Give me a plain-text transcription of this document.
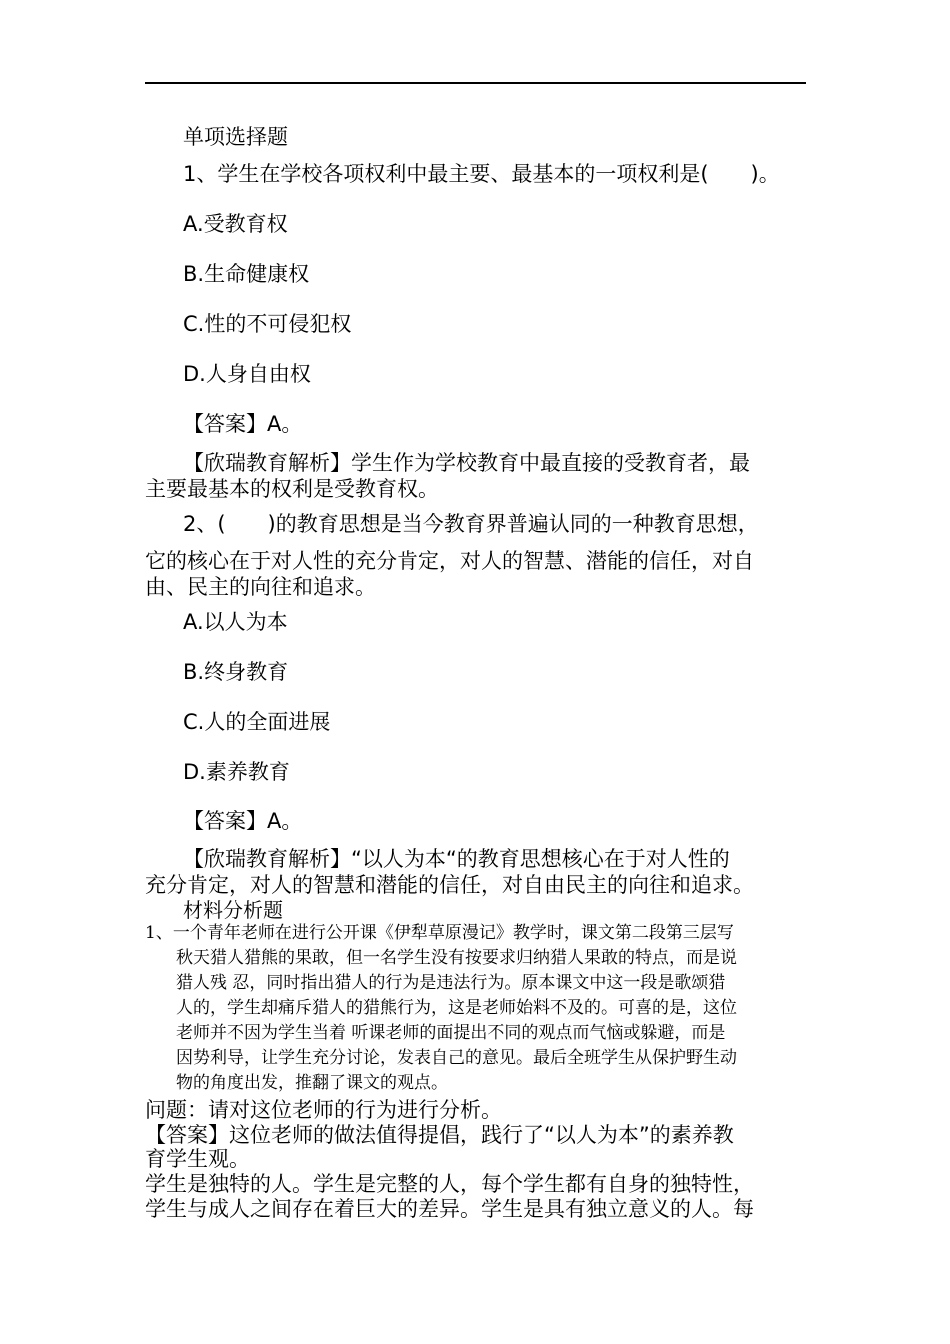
单项选择题
1、学生在学校各项权利中最主要、最基本的一项权利是(　　)。
A.受教育权
B.生命健康权
C.性的不可侵犯权
D.人身自由权
【答案】A。
【欣瑞教育解析】学生作为学校教育中最直接的受教育者，最
主要最基本的权利是受教育权。
2、(　　)的教育思想是当今教育界普遍认同的一种教育思想，
它的核心在于对人性的充分肯定，对人的智慧、潜能的信任，对自
由、民主的向往和追求。
A.以人为本
B.终身教育
C.人的全面进展
D.素养教育
【答案】A。
【欣瑞教育解析】“以人为本“的教育思想核心在于对人性的
充分肯定，对人的智慧和潜能的信任，对自由民主的向往和追求。
材料分析题
1、一个青年老师在进行公开课《伊犁草原漫记》教学时，课文第二段第三层写
秋天猎人猎熊的果敢，但一名学生没有按要求归纳猎人果敢的特点，而是说
猎人残 忍，同时指出猎人的行为是违法行为。原本课文中这一段是歌颂猎
人的，学生却痛斥猎人的猎熊行为，这是老师始料不及的。可喜的是，这位
老师并不因为学生当着 听课老师的面提出不同的观点而气恼或躲避，而是
因势利导，让学生充分讨论，发表自己的意见。最后全班学生从保护野生动
物的角度出发，推翻了课文的观点。
问题：请对这位老师的行为进行分析。
【答案】这位老师的做法值得提倡，践行了“以人为本”的素养教
育学生观。
学生是独特的人。学生是完整的人，每个学生都有自身的独特性，
学生与成人之间存在着巨大的差异。学生是具有独立意义的人。每
